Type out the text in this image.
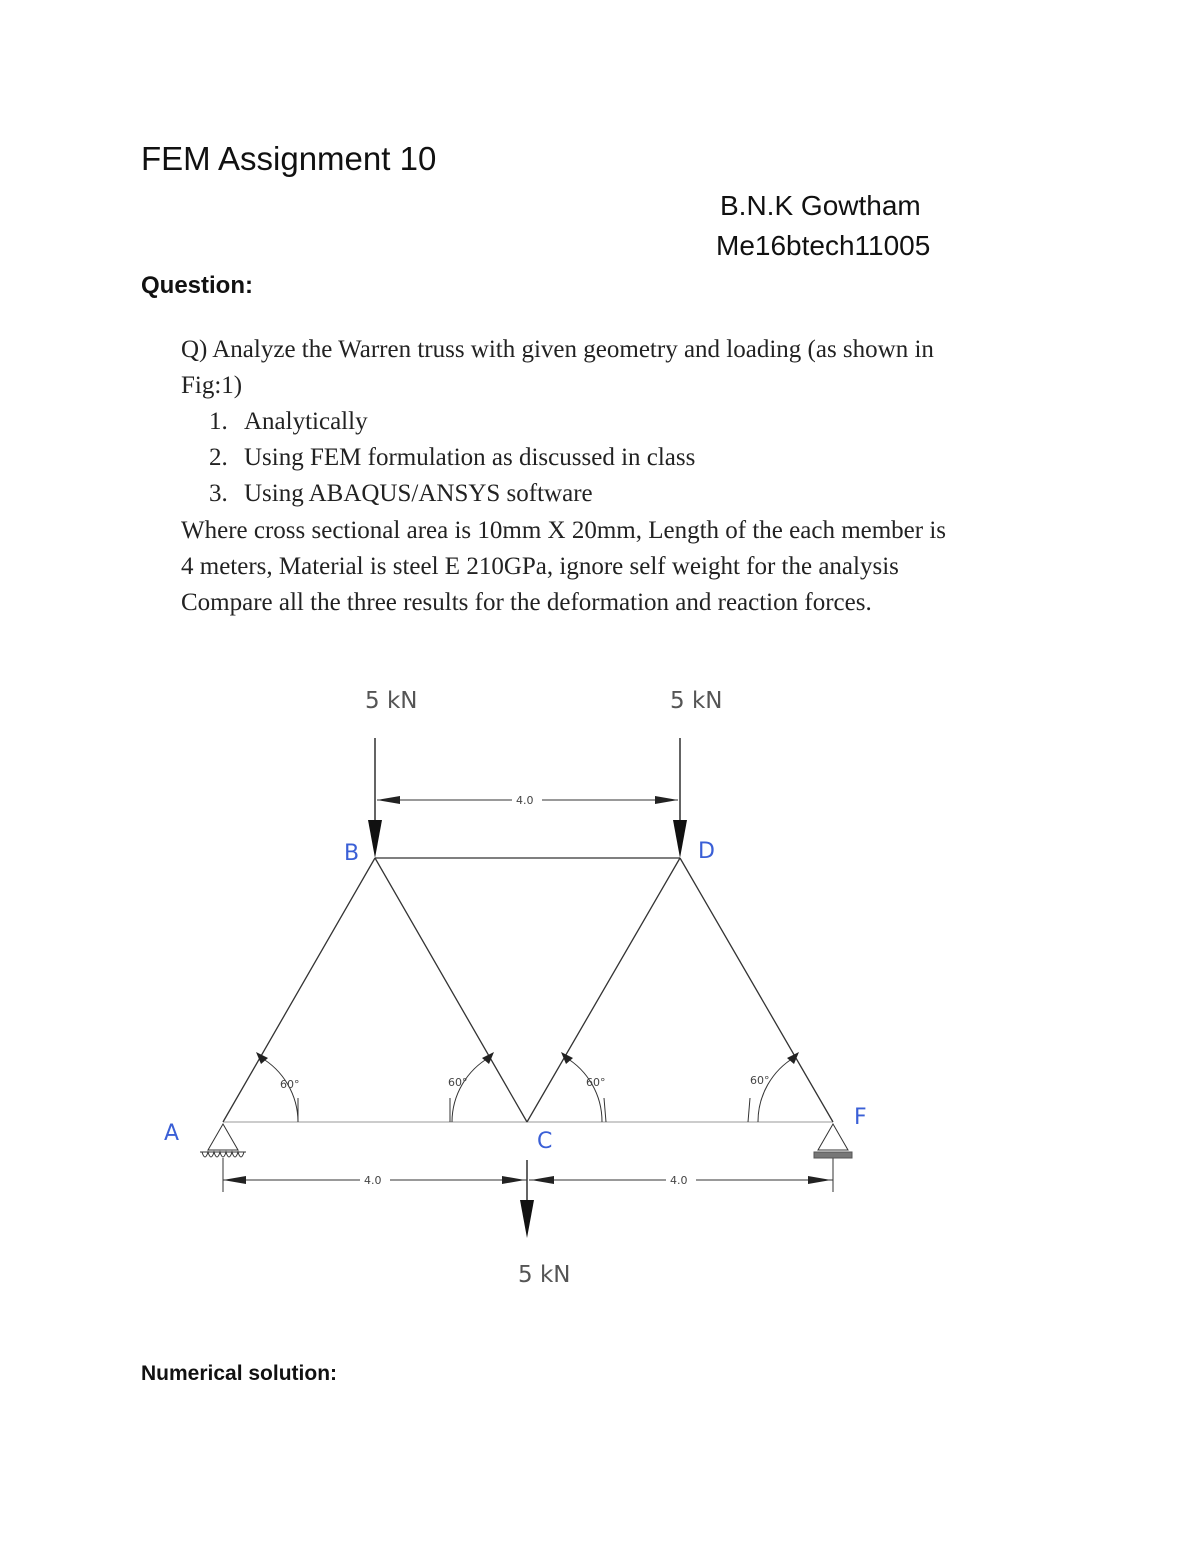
FEM Assignment 10
B.N.K Gowtham
Me16btech11005
Question:
Q) Analyze the Warren truss with given geometry and loading (as shown in
Fig:1)
1. Analytically
2. Using FEM formulation as discussed in class
3. Using ABAQUS/ANSYS software
Where cross sectional area is 10mm X 20mm, Length of the each member is
4 meters, Material is steel E 210GPa, ignore self weight for the analysis
Compare all the three results for the deformation and reaction forces.
5 kN	5 kN
5 kN
4.0
4.0	4.0
A
B
C
D
F
60°	60°	60°	60°
Numerical solution:
